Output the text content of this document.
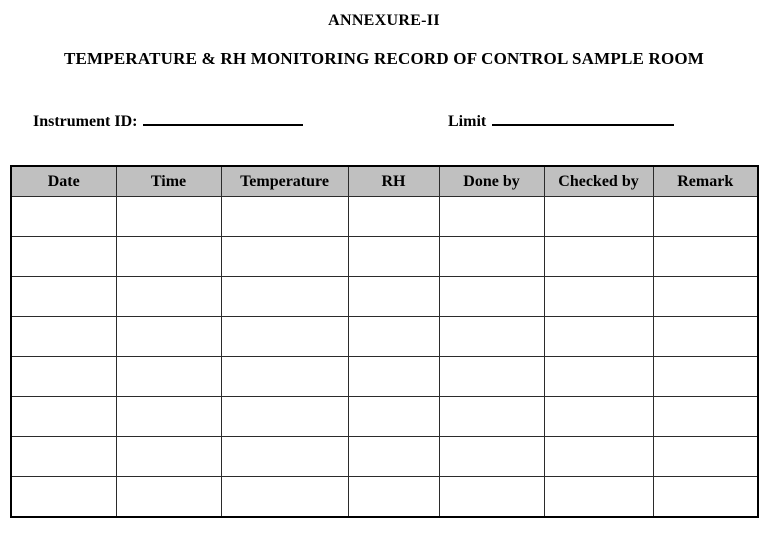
ANNEXURE-II
TEMPERATURE & RH MONITORING RECORD OF CONTROL SAMPLE ROOM
Instrument ID:	Limit
Date	Time	Temperature	RH	Done by	Checked by	Remark
